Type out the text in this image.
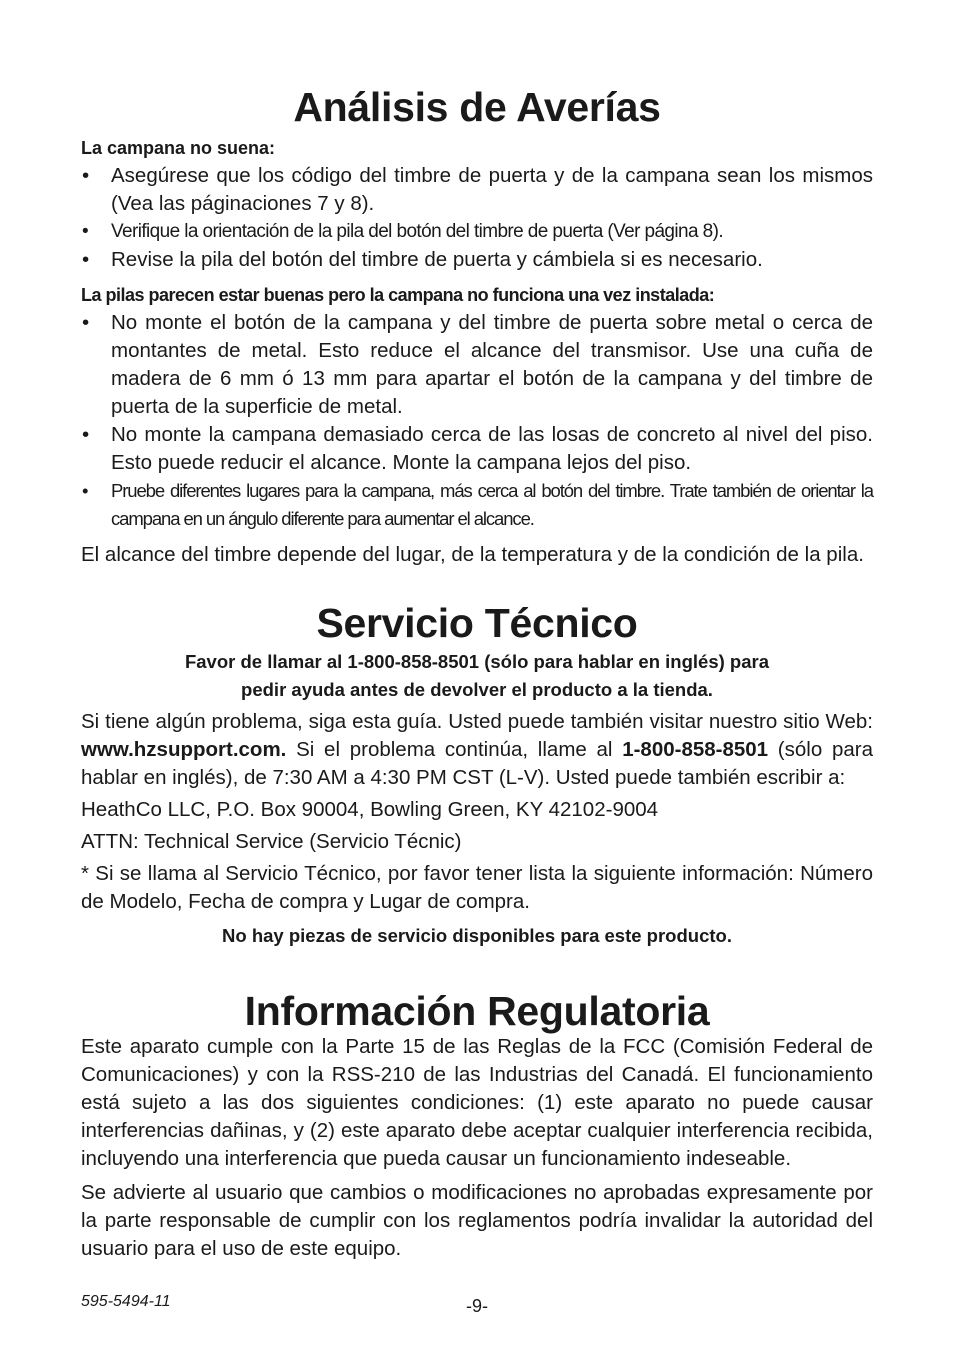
Análisis de Averías

La campana no suena:

• Asegúrese que los código del timbre de puerta y de la campana sean los mismos (Vea las páginaciones 7 y 8).
• Verifique la orientación de la pila del botón del timbre de puerta (Ver página 8).
• Revise la pila del botón del timbre de puerta y cámbiela si es necesario.

La pilas parecen estar buenas pero la campana no funciona una vez instalada:

• No monte el botón de la campana y del timbre de puerta sobre metal o cerca de montantes de metal. Esto reduce el alcance del transmisor. Use una cuña de madera de 6 mm ó 13 mm para apartar el botón de la campana y del timbre de puerta de la superficie de metal.
• No monte la campana demasiado cerca de las losas de concreto al nivel del piso. Esto puede reducir el alcance. Monte la campana lejos del piso.
• Pruebe diferentes lugares para la campana, más cerca al botón del timbre. Trate también de orientar la campana en un ángulo diferente para aumentar el alcance.

El alcance del timbre depende del lugar, de la temperatura y de la condición de la pila.

Servicio Técnico

Favor de llamar al 1-800-858-8501 (sólo para hablar en inglés) para

pedir ayuda antes de devolver el producto a la tienda.

Si tiene algún problema, siga esta guía. Usted puede también visitar nuestro sitio Web: www.hzsupport.com. Si el problema continúa, llame al 1-800-858-8501 (sólo para hablar en inglés), de 7:30 AM a 4:30 PM CST (L-V). Usted puede también escribir a:

HeathCo LLC, P.O. Box 90004, Bowling Green, KY 42102-9004

ATTN: Technical Service (Servicio Técnic)

* Si se llama al Servicio Técnico, por favor tener lista la siguiente información: Número de Modelo, Fecha de compra y Lugar de compra.

No hay piezas de servicio disponibles para este producto.

Información Regulatoria

Este aparato cumple con la Parte 15 de las Reglas de la FCC (Comisión Federal de Comunicaciones) y con la RSS-210 de las Industrias del Canadá. El funcionamiento está sujeto a las dos siguientes condiciones: (1) este aparato no puede causar interferencias dañinas, y (2) este aparato debe aceptar cualquier interferencia recibida, incluyendo una interferencia que pueda causar un funcionamiento indeseable.

Se advierte al usuario que cambios o modificaciones no aprobadas expresamente por la parte responsable de cumplir con los reglamentos podría invalidar la autoridad del usuario para el uso de este equipo.

595-5494-11	-9-
